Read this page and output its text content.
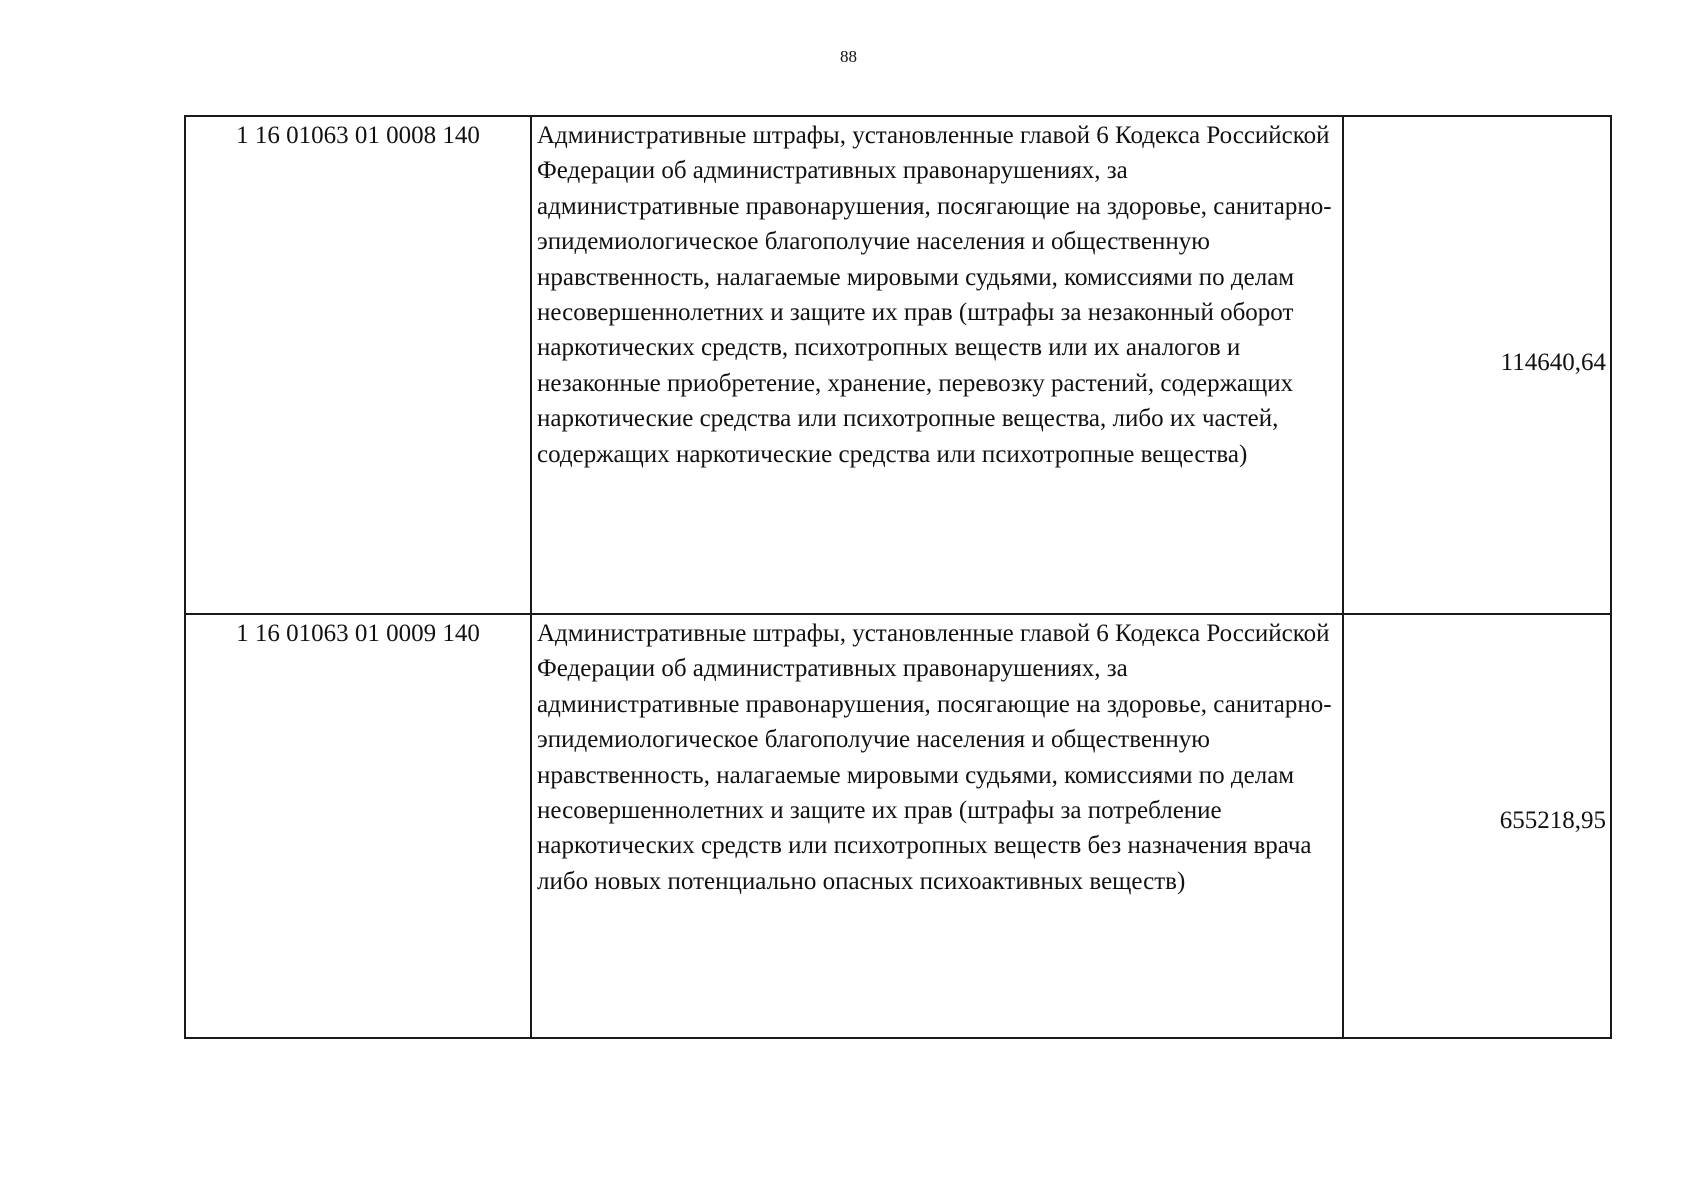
88
1 16 01063 01 0008 140	Административные штрафы, установленные главой 6 Кодекса Российской Федерации об административных правонарушениях, за административные правонарушения, посягающие на здоровье, санитарно-эпидемиологическое благополучие населения и общественную нравственность, налагаемые мировыми судьями, комиссиями по делам несовершеннолетних и защите их прав (штрафы за незаконный оборот наркотических средств, психотропных веществ или их аналогов и незаконные приобретение, хранение, перевозку растений, содержащих наркотические средства или психотропные вещества, либо их частей, содержащих наркотические средства или психотропные вещества)	114640,64
1 16 01063 01 0009 140	Административные штрафы, установленные главой 6 Кодекса Российской Федерации об административных правонарушениях, за административные правонарушения, посягающие на здоровье, санитарно-эпидемиологическое благополучие населения и общественную нравственность, налагаемые мировыми судьями, комиссиями по делам несовершеннолетних и защите их прав (штрафы за потребление наркотических средств или психотропных веществ без назначения врача либо новых потенциально опасных психоактивных веществ)	655218,95
